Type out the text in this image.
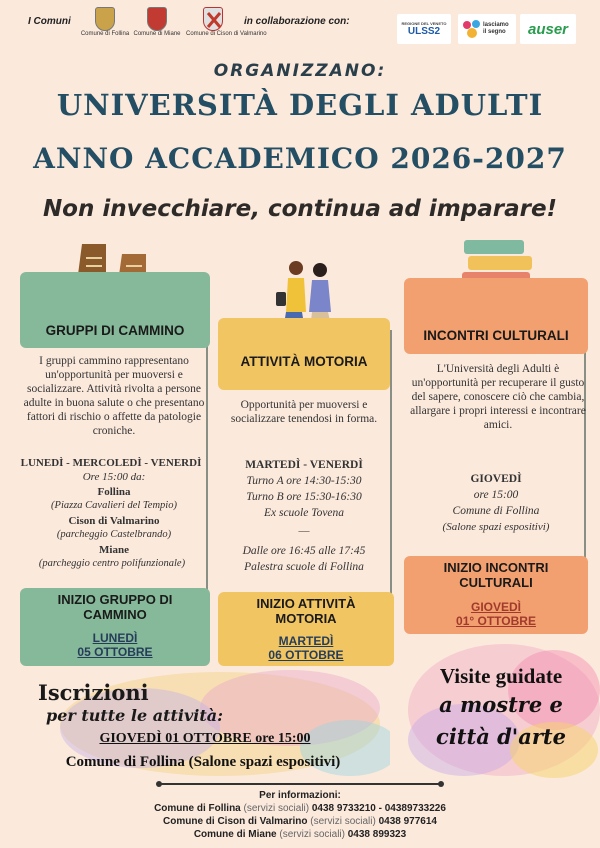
I Comuni
Comune di Follina Comune di Miane Comune di Cison di Valmarino
in collaborazione con:	REGIONE DEL VENETO
ULSS2
lasciamo il segno	auser
ORGANIZZANO:
UNIVERSITÀ DEGLI ADULTI
ANNO ACCADEMICO 2026-2027
Non invecchiare, continua ad imparare!
GRUPPI DI CAMMINO
I gruppi cammino rappresentano un'opportunità per muoversi e socializzare. Attività rivolta a persone adulte in buona salute o che presentano fattori di rischio o affette da patologie croniche.
LUNEDÌ - MERCOLEDÌ - VENERDÌ
Ore 15:00 da:
Follina
(Piazza Cavalieri del Tempio)
Cison di Valmarino
(parcheggio Castelbrando)
Miane
(parcheggio centro polifunzionale)
INIZIO GRUPPO DI CAMMINO
LUNEDÌ
05 OTTOBRE
ATTIVITÀ MOTORIA
Opportunità per muoversi e socializzare tenendosi in forma.
MARTEDÌ - VENERDÌ
Turno A ore 14:30-15:30
Turno B ore 15:30-16:30
Ex scuole Tovena
—
Dalle ore 16:45 alle 17:45
Palestra scuole di Follina
INIZIO ATTIVITÀ MOTORIA
MARTEDÌ
06 OTTOBRE
INCONTRI CULTURALI
L'Università degli Adulti è un'opportunità per recuperare il gusto del sapere, conoscere ciò che cambia, allargare i propri interessi e incontrare amici.
GIOVEDÌ
ore 15:00
Comune di Follina
(Salone spazi espositivi)
INIZIO INCONTRI CULTURALI
GIOVEDÌ
01° OTTOBRE
Iscrizioni
per tutte le attività:
GIOVEDÌ 01 OTTOBRE ore 15:00
Comune di Follina (Salone spazi espositivi)
Visite guidate
a mostre e
città d'arte
Per informazioni:
Comune di Follina (servizi sociali) 0438 9733210 - 04389733226
Comune di Cison di Valmarino (servizi sociali) 0438 977614
Comune di Miane (servizi sociali) 0438 899323
